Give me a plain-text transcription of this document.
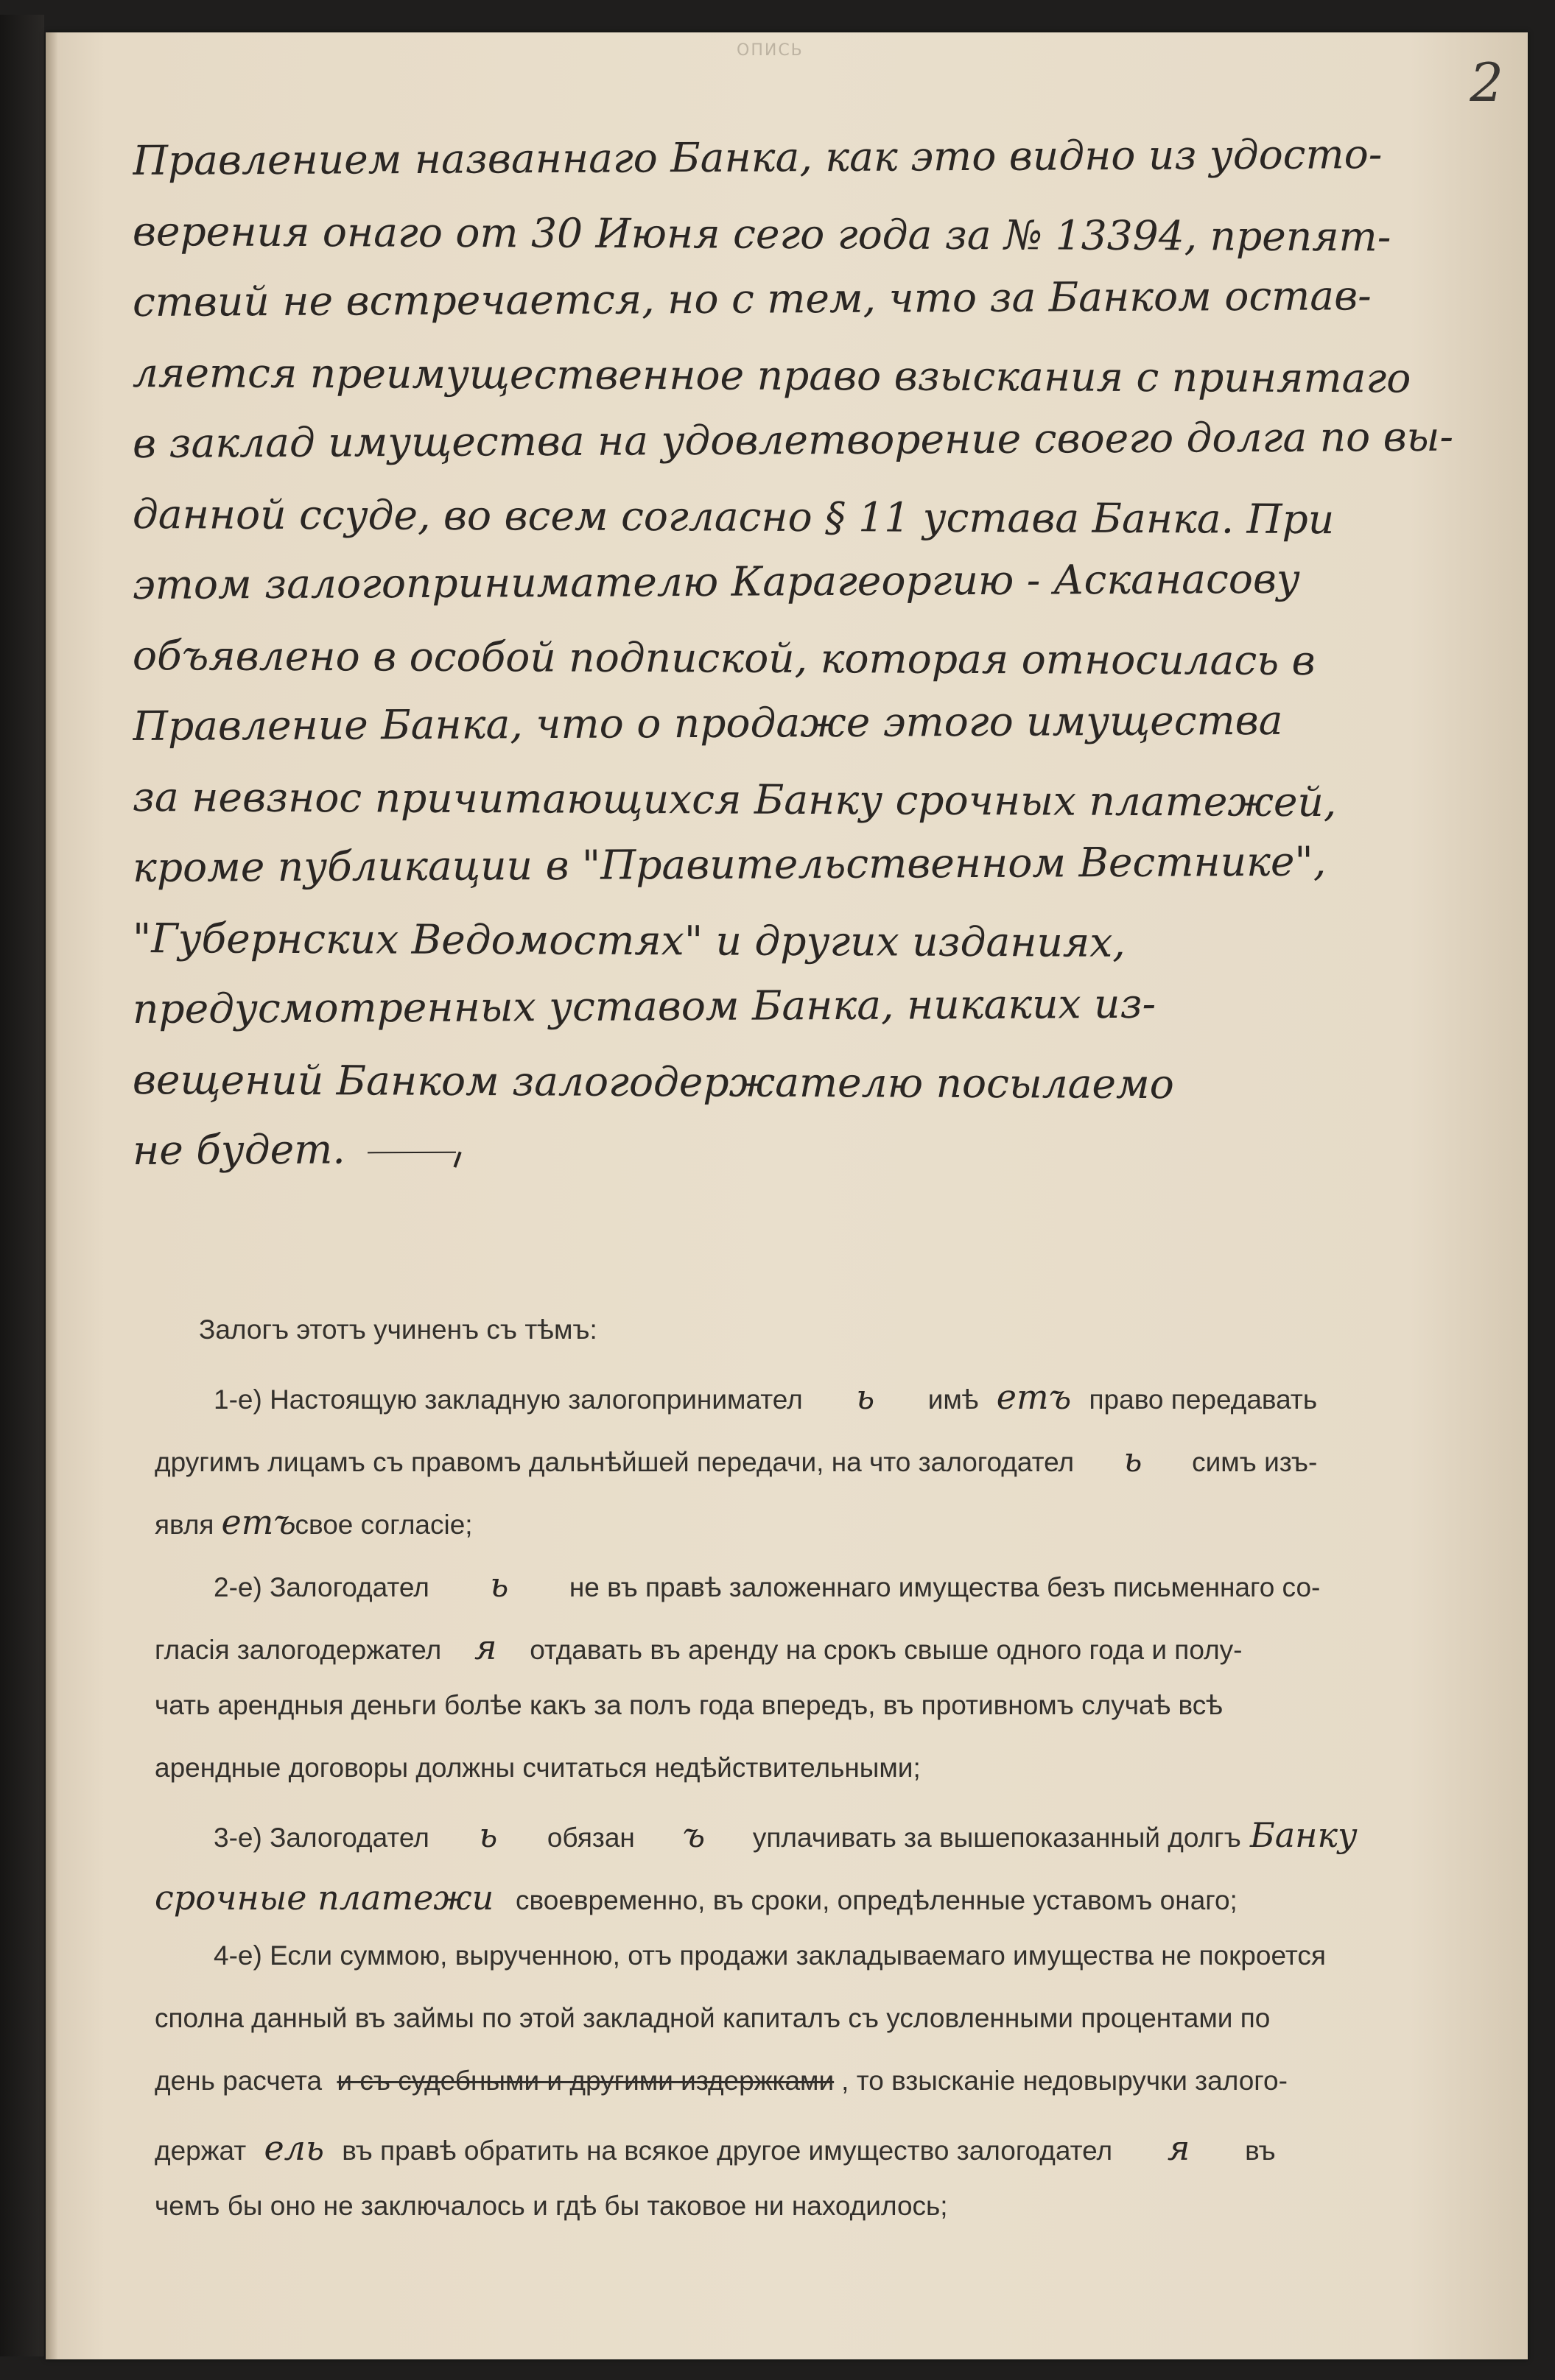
ОПИСЬ
2
Правлением названнаго Банка, как это видно из удосто-
верения онаго от 30 Июня сего года за № 13394, препят-
ствий не встречается, но с тем, что за Банком остав-
ляется преимущественное право взыскания с принятаго
в заклад имущества на удовлетворение своего долга по вы-
данной ссуде, во всем согласно § 11 устава Банка. При
этом залогопринимателю Карагеоргию - Асканасову
объявлено в особой подпиской, которая относилась в
Правление Банка, что о продаже этого имущества
за невзнос причитающихся Банку срочных платежей,
кроме публикации в "Правительственном Вестнике",
"Губернских Ведомостях" и других изданиях,
предусмотренных уставом Банка, никаких из-
вещений Банком залогодержателю посылаемо
не будет.
Залогъ этотъ учиненъ съ тѣмъ:
1-е) Настоящую закладную залогопринимател ь имѣ етъ право передавать
другимъ лицамъ съ правомъ дальнѣйшей передачи, на что залогодател ь симъ изъ-
явля етъсвое согласіе;
2-е) Залогодател ь не въ правѣ заложеннаго имущества безъ письменнаго со-
гласія залогодержател я отдавать въ аренду на срокъ свыше одного года и полу-
чать арендныя деньги болѣе какъ за полъ года впередъ, въ противномъ случаѣ всѣ
арендные договоры должны считаться недѣйствительными;
3-е) Залогодател ь обязан ъ уплачивать за вышепоказанный долгъ Банку
срочные платежи своевременно, въ сроки, опредѣленные уставомъ онаго;
4-е) Если суммою, вырученною, отъ продажи закладываемаго имущества не покроется
сполна данный въ займы по этой закладной капиталъ съ условленными процентами по
день расчета и съ судебными и другими издержками , то взысканіе недовыручки залого-
держат ель въ правѣ обратить на всякое другое имущество залогодател я въ
чемъ бы оно не заключалось и гдѣ бы таковое ни находилось;
